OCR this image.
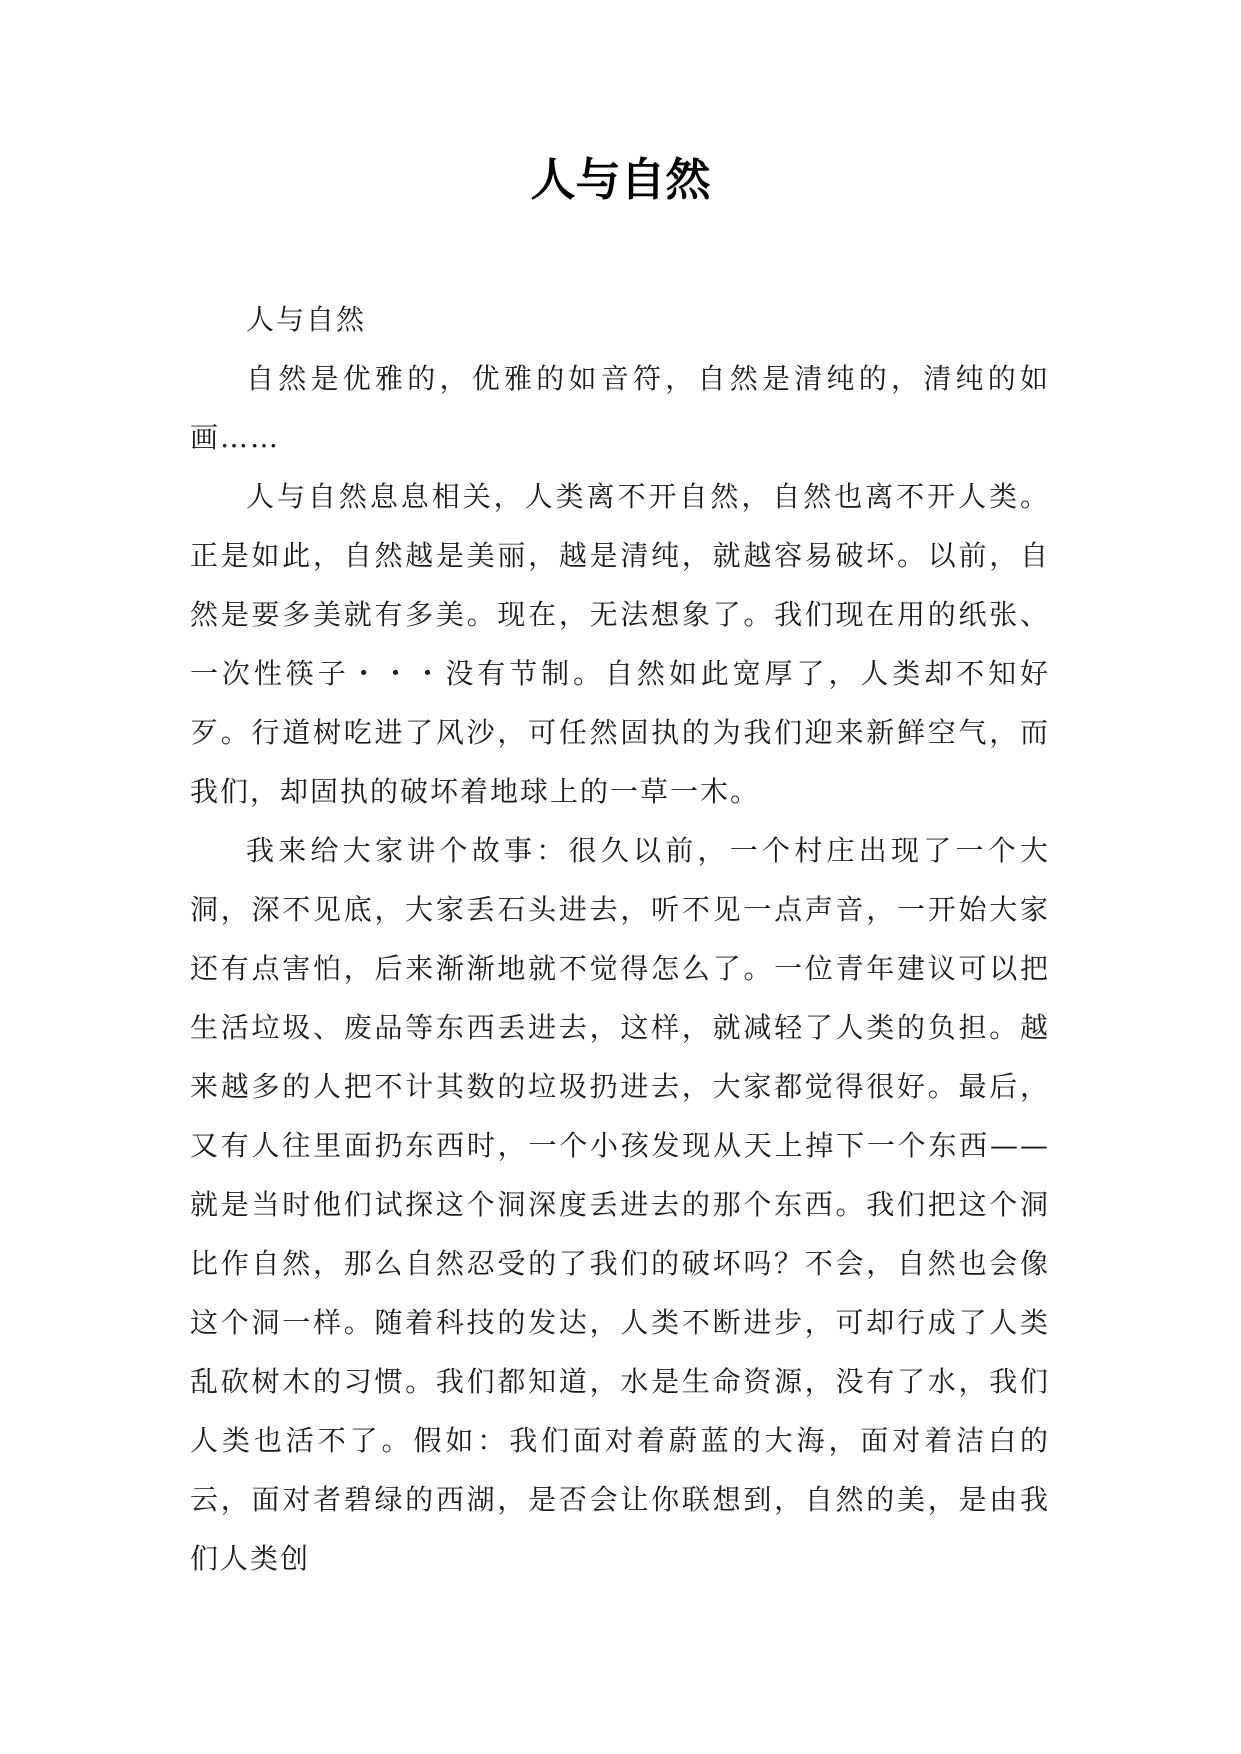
人与自然

人与自然

自然是优雅的，优雅的如音符，自然是清纯的，清纯的如画……

人与自然息息相关，人类离不开自然，自然也离不开人类。正是如此，自然越是美丽，越是清纯，就越容易破坏。以前，自然是要多美就有多美。现在，无法想象了。我们现在用的纸张、一次性筷子・・・没有节制。自然如此宽厚了，人类却不知好歹。行道树吃进了风沙，可任然固执的为我们迎来新鲜空气，而我们，却固执的破坏着地球上的一草一木。

我来给大家讲个故事：很久以前，一个村庄出现了一个大洞，深不见底，大家丢石头进去，听不见一点声音，一开始大家还有点害怕，后来渐渐地就不觉得怎么了。一位青年建议可以把生活垃圾、废品等东西丢进去，这样，就减轻了人类的负担。越来越多的人把不计其数的垃圾扔进去，大家都觉得很好。最后，又有人往里面扔东西时，一个小孩发现从天上掉下一个东西——就是当时他们试探这个洞深度丢进去的那个东西。我们把这个洞比作自然，那么自然忍受的了我们的破坏吗？不会，自然也会像这个洞一样。随着科技的发达，人类不断进步，可却行成了人类乱砍树木的习惯。我们都知道，水是生命资源，没有了水，我们人类也活不了。假如：我们面对着蔚蓝的大海，面对着洁白的云，面对者碧绿的西湖，是否会让你联想到，自然的美，是由我们人类创
